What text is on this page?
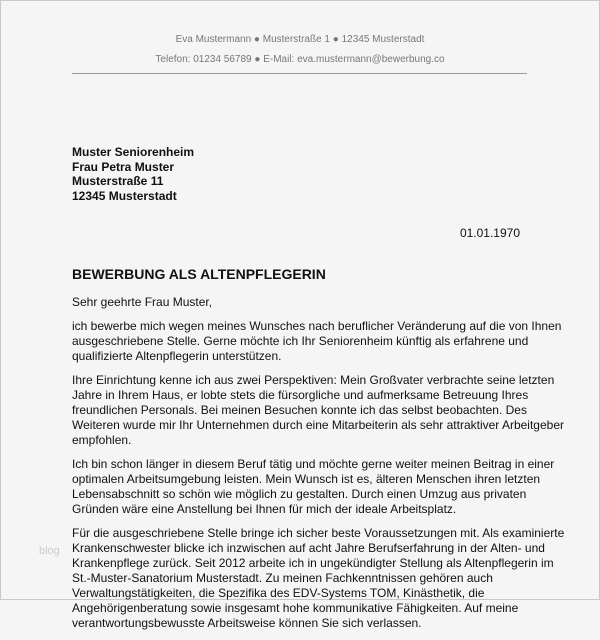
Eva Mustermann ● Musterstraße 1 ● 12345 Musterstadt
Telefon: 01234 56789 ● E-Mail: eva.mustermann@bewerbung.co
Muster Seniorenheim
Frau Petra Muster
Musterstraße 11
12345 Musterstadt
01.01.1970
BEWERBUNG ALS ALTENPFLEGERIN

Sehr geehrte Frau Muster,

ich bewerbe mich wegen meines Wunsches nach beruflicher Veränderung auf die von Ihnen
ausgeschriebene Stelle. Gerne möchte ich Ihr Seniorenheim künftig als erfahrene und
qualifizierte Altenpflegerin unterstützen.

Ihre Einrichtung kenne ich aus zwei Perspektiven: Mein Großvater verbrachte seine letzten
Jahre in Ihrem Haus, er lobte stets die fürsorgliche und aufmerksame Betreuung Ihres
freundlichen Personals. Bei meinen Besuchen konnte ich das selbst beobachten. Des
Weiteren wurde mir Ihr Unternehmen durch eine Mitarbeiterin als sehr attraktiver Arbeitgeber
empfohlen.

Ich bin schon länger in diesem Beruf tätig und möchte gerne weiter meinen Beitrag in einer
optimalen Arbeitsumgebung leisten. Mein Wunsch ist es, älteren Menschen ihren letzten
Lebensabschnitt so schön wie möglich zu gestalten. Durch einen Umzug aus privaten
Gründen wäre eine Anstellung bei Ihnen für mich der ideale Arbeitsplatz.

Für die ausgeschriebene Stelle bringe ich sicher beste Voraussetzungen mit. Als examinierte
Krankenschwester blicke ich inzwischen auf acht Jahre Berufserfahrung in der Alten- und
Krankenpflege zurück. Seit 2012 arbeite ich in ungekündigter Stellung als Altenpflegerin im
St.-Muster-Sanatorium Musterstadt. Zu meinen Fachkenntnissen gehören auch
Verwaltungstätigkeiten, die Spezifika des EDV-Systems TOM, Kinästhetik, die
Angehörigenberatung sowie insgesamt hohe kommunikative Fähigkeiten. Auf meine
verantwortungsbewusste Arbeitsweise können Sie sich verlassen.

blog
